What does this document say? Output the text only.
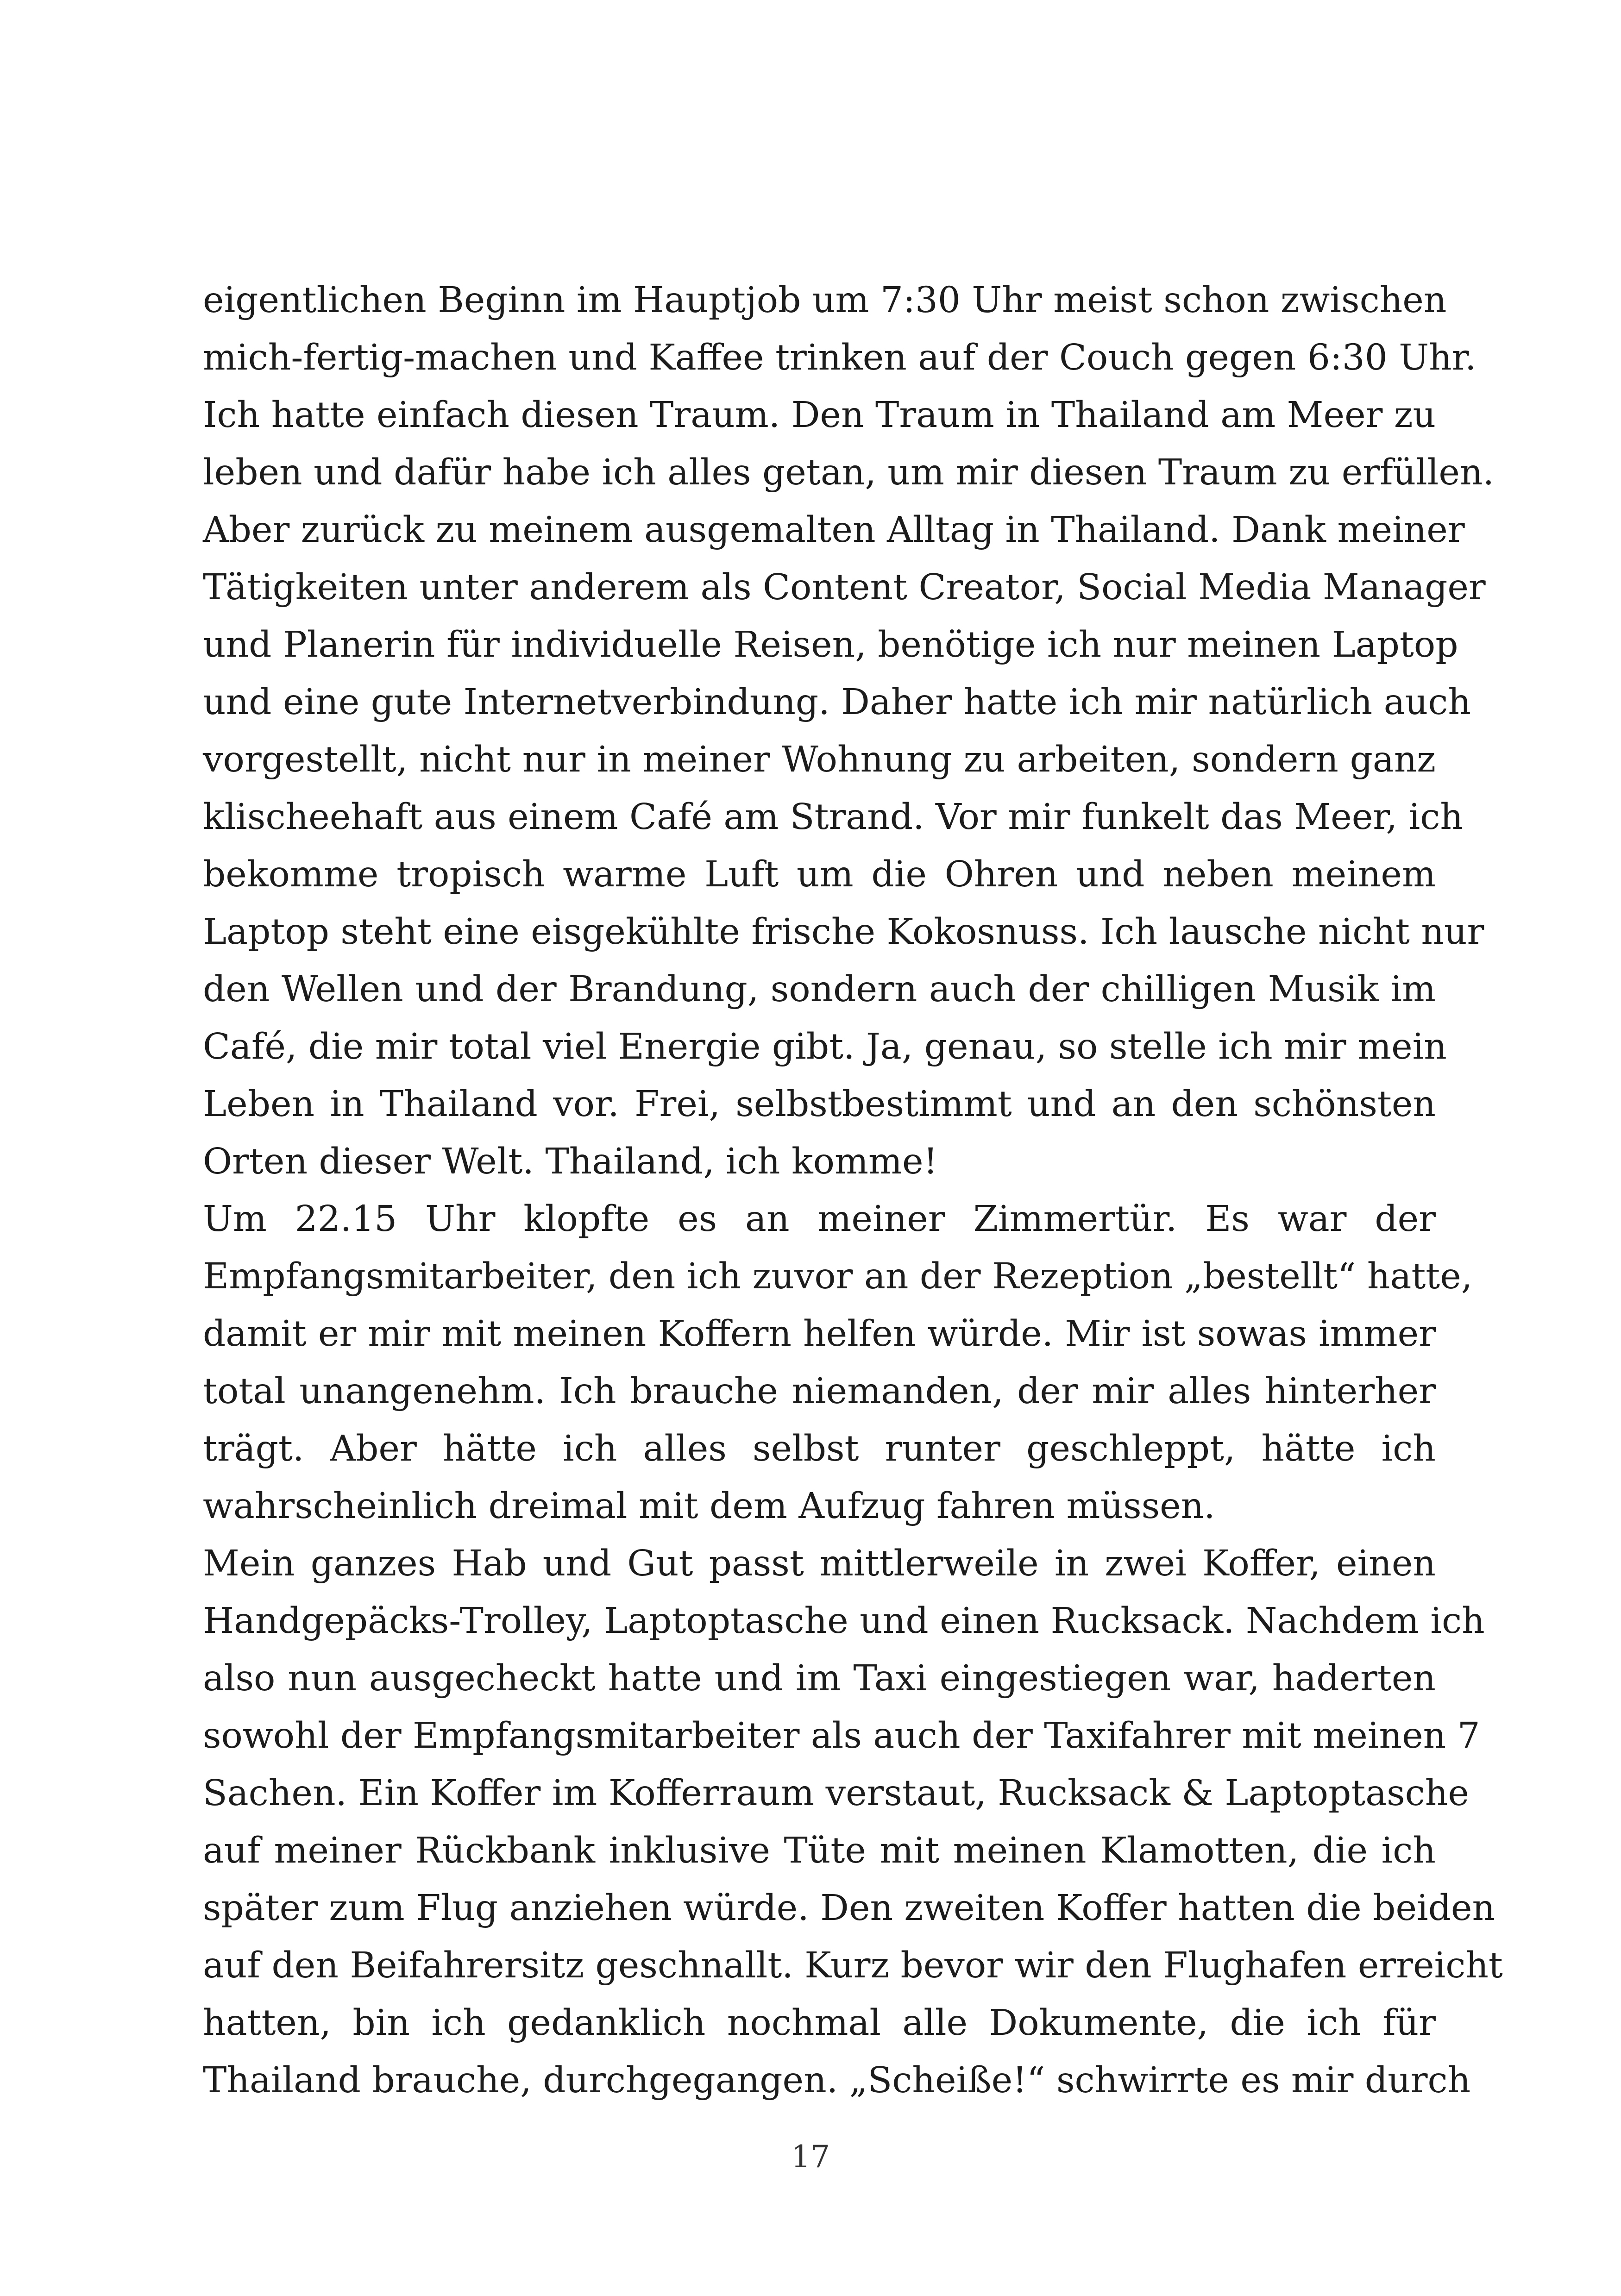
eigentlichen Beginn im Hauptjob um 7:30 Uhr meist schon zwischen
mich-fertig-machen und Kaffee trinken auf der Couch gegen 6:30 Uhr.
Ich hatte einfach diesen Traum. Den Traum in Thailand am Meer zu
leben und dafür habe ich alles getan, um mir diesen Traum zu erfüllen.
Aber zurück zu meinem ausgemalten Alltag in Thailand. Dank meiner
Tätigkeiten unter anderem als Content Creator, Social Media Manager
und Planerin für individuelle Reisen, benötige ich nur meinen Laptop
und eine gute Internetverbindung. Daher hatte ich mir natürlich auch
vorgestellt, nicht nur in meiner Wohnung zu arbeiten, sondern ganz
klischeehaft aus einem Café am Strand. Vor mir funkelt das Meer, ich
bekomme tropisch warme Luft um die Ohren und neben meinem
Laptop steht eine eisgekühlte frische Kokosnuss. Ich lausche nicht nur
den Wellen und der Brandung, sondern auch der chilligen Musik im
Café, die mir total viel Energie gibt. Ja, genau, so stelle ich mir mein
Leben in Thailand vor. Frei, selbstbestimmt und an den schönsten
Orten dieser Welt. Thailand, ich komme!
Um 22.15 Uhr klopfte es an meiner Zimmertür. Es war der
Empfangsmitarbeiter, den ich zuvor an der Rezeption „bestellt“ hatte,
damit er mir mit meinen Koffern helfen würde. Mir ist sowas immer
total unangenehm. Ich brauche niemanden, der mir alles hinterher
trägt. Aber hätte ich alles selbst runter geschleppt, hätte ich
wahrscheinlich dreimal mit dem Aufzug fahren müssen.
Mein ganzes Hab und Gut passt mittlerweile in zwei Koffer, einen
Handgepäcks-Trolley, Laptoptasche und einen Rucksack. Nachdem ich
also nun ausgecheckt hatte und im Taxi eingestiegen war, haderten
sowohl der Empfangsmitarbeiter als auch der Taxifahrer mit meinen 7
Sachen. Ein Koffer im Kofferraum verstaut, Rucksack & Laptoptasche
auf meiner Rückbank inklusive Tüte mit meinen Klamotten, die ich
später zum Flug anziehen würde. Den zweiten Koffer hatten die beiden
auf den Beifahrersitz geschnallt. Kurz bevor wir den Flughafen erreicht
hatten, bin ich gedanklich nochmal alle Dokumente, die ich für
Thailand brauche, durchgegangen. „Scheiße!“ schwirrte es mir durch
17
